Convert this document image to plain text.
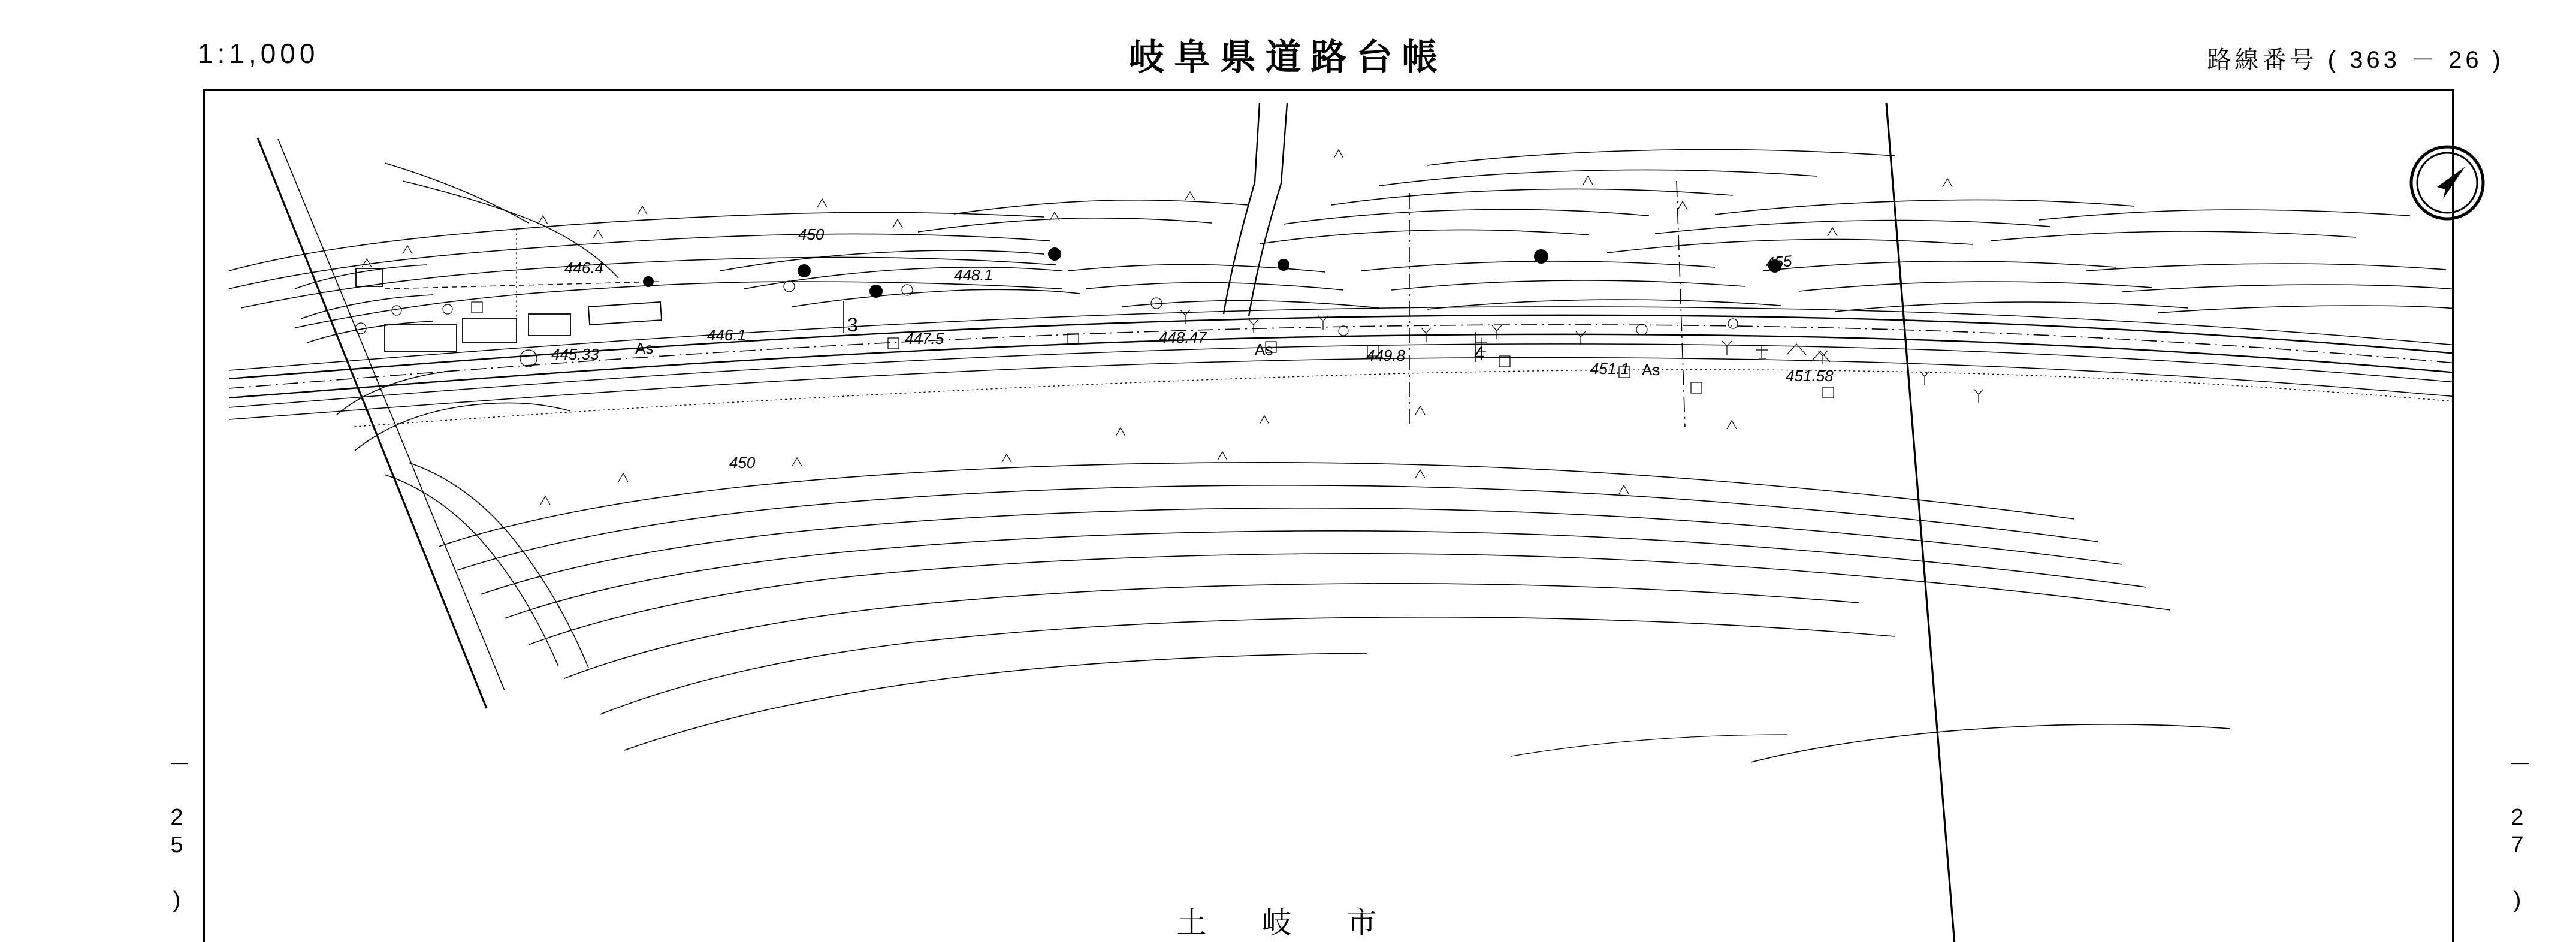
1:1,000	岐阜県道路台帳	路線番号 ( 363 － 26 )
－ 25 )	－ 27 )
土 岐 市
450
455
450
446.4	448.1
445.33
446.1	447.5	448.47
449.8
451.1	451.58
As	As
As
3
4
